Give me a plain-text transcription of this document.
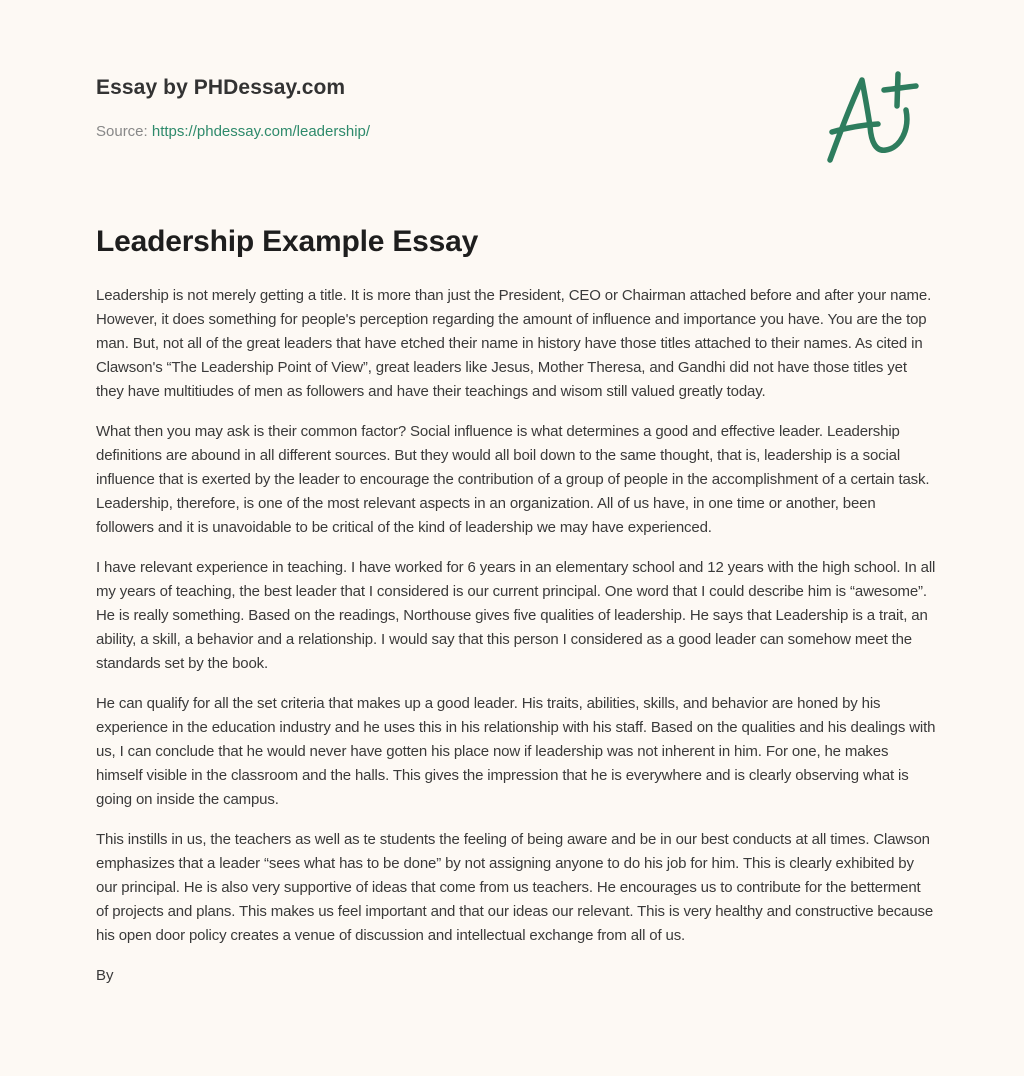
Essay by PHDessay.com
Source: https://phdessay.com/leadership/
Leadership Example Essay

Leadership is not merely getting a title. It is more than just the President, CEO or Chairman attached before and after your name. However, it does something for people's perception regarding the amount of influence and importance you have. You are the top man. But, not all of the great leaders that have etched their name in history have those titles attached to their names. As cited in Clawson's “The Leadership Point of View”, great leaders like Jesus, Mother Theresa, and Gandhi did not have those titles yet they have multitiudes of men as followers and have their teachings and wisom still valued greatly today.

What then you may ask is their common factor? Social influence is what determines a good and effective leader. Leadership definitions are abound in all different sources. But they would all boil down to the same thought, that is, leadership is a social influence that is exerted by the leader to encourage the contribution of a group of people in the accomplishment of a certain task. Leadership, therefore, is one of the most relevant aspects in an organization. All of us have, in one time or another, been followers and it is unavoidable to be critical of the kind of leadership we may have experienced.

I have relevant experience in teaching. I have worked for 6 years in an elementary school and 12 years with the high school. In all my years of teaching, the best leader that I considered is our current principal. One word that I could describe him is “awesome”. He is really something. Based on the readings, Northouse gives five qualities of leadership. He says that Leadership is a trait, an ability, a skill, a behavior and a relationship. I would say that this person I considered as a good leader can somehow meet the standards set by the book.

He can qualify for all the set criteria that makes up a good leader. His traits, abilities, skills, and behavior are honed by his experience in the education industry and he uses this in his relationship with his staff. Based on the qualities and his dealings with us, I can conclude that he would never have gotten his place now if leadership was not inherent in him. For one, he makes himself visible in the classroom and the halls. This gives the impression that he is everywhere and is clearly observing what is going on inside the campus.

This instills in us, the teachers as well as te students the feeling of being aware and be in our best conducts at all times. Clawson emphasizes that a leader “sees what has to be done” by not assigning anyone to do his job for him. This is clearly exhibited by our principal. He is also very supportive of ideas that come from us teachers. He encourages us to contribute for the betterment of projects and plans. This makes us feel important and that our ideas our relevant. This is very healthy and constructive because his open door policy creates a venue of discussion and intellectual exchange from all of us.

By
